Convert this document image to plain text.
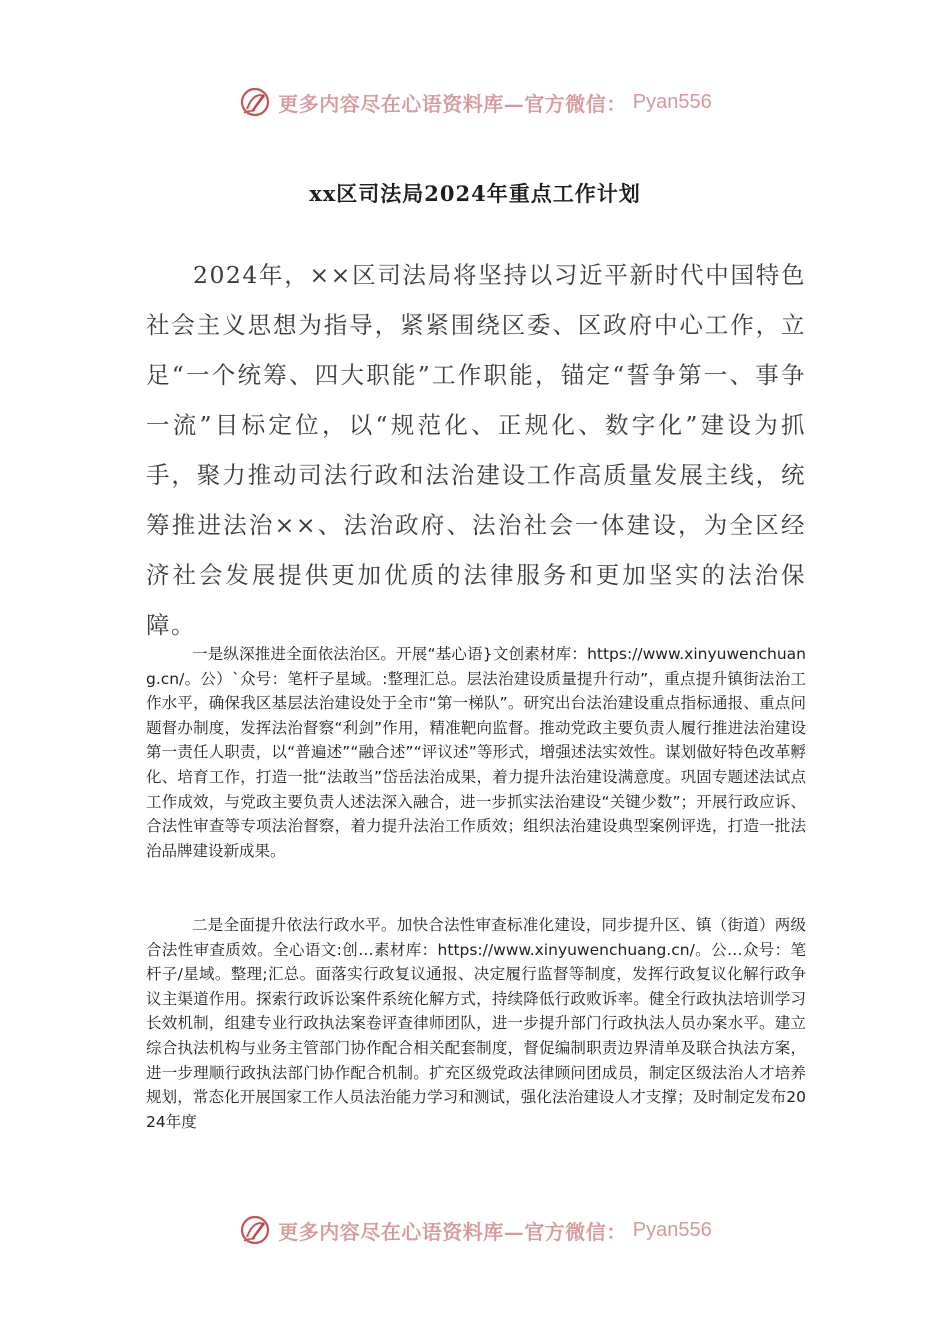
更多内容尽在心语资料库—官方微信： Pyan556
xx区司法局2024年重点工作计划

2024年，××区司法局将坚持以习近平新时代中国特色社会主义思想为指导，紧紧围绕区委、区政府中心工作，立足“一个统筹、四大职能”工作职能，锚定“誓争第一、事争一流”目标定位，以“规范化、正规化、数字化”建设为抓手，聚力推动司法行政和法治建设工作高质量发展主线，统筹推进法治××、法治政府、法治社会一体建设，为全区经济社会发展提供更加优质的法律服务和更加坚实的法治保障。

一是纵深推进全面依法治区。开展“基心语}文创素材库：https://www.xinyuwenchuang.cn/。公）`众号：笔杆子星域。:整理汇总。层法治建设质量提升行动”，重点提升镇街法治工作水平，确保我区基层法治建设处于全市“第一梯队”。研究出台法治建设重点指标通报、重点问题督办制度，发挥法治督察“利剑”作用，精准靶向监督。推动党政主要负责人履行推进法治建设第一责任人职责，以“普遍述”“融合述”“评议述”等形式，增强述法实效性。谋划做好特色改革孵化、培育工作，打造一批“法敢当”岱岳法治成果，着力提升法治建设满意度。巩固专题述法试点工作成效，与党政主要负责人述法深入融合，进一步抓实法治建设“关键少数”；开展行政应诉、合法性审查等专项法治督察，着力提升法治工作质效；组织法治建设典型案例评选，打造一批法治品牌建设新成果。

二是全面提升依法行政水平。加快合法性审查标准化建设，同步提升区、镇（街道）两级合法性审查质效。全心语文:创…素材库：https://www.xinyuwenchuang.cn/。公…众号：笔杆子/星域。整理;汇总。面落实行政复议通报、决定履行监督等制度，发挥行政复议化解行政争议主渠道作用。探索行政诉讼案件系统化解方式，持续降低行政败诉率。健全行政执法培训学习长效机制，组建专业行政执法案卷评查律师团队，进一步提升部门行政执法人员办案水平。建立综合执法机构与业务主管部门协作配合相关配套制度，督促编制职责边界清单及联合执法方案，进一步理顺行政执法部门协作配合机制。扩充区级党政法律顾问团成员，制定区级法治人才培养规划，常态化开展国家工作人员法治能力学习和测试，强化法治建设人才支撑；及时制定发布2024年度

更多内容尽在心语资料库—官方微信： Pyan556
